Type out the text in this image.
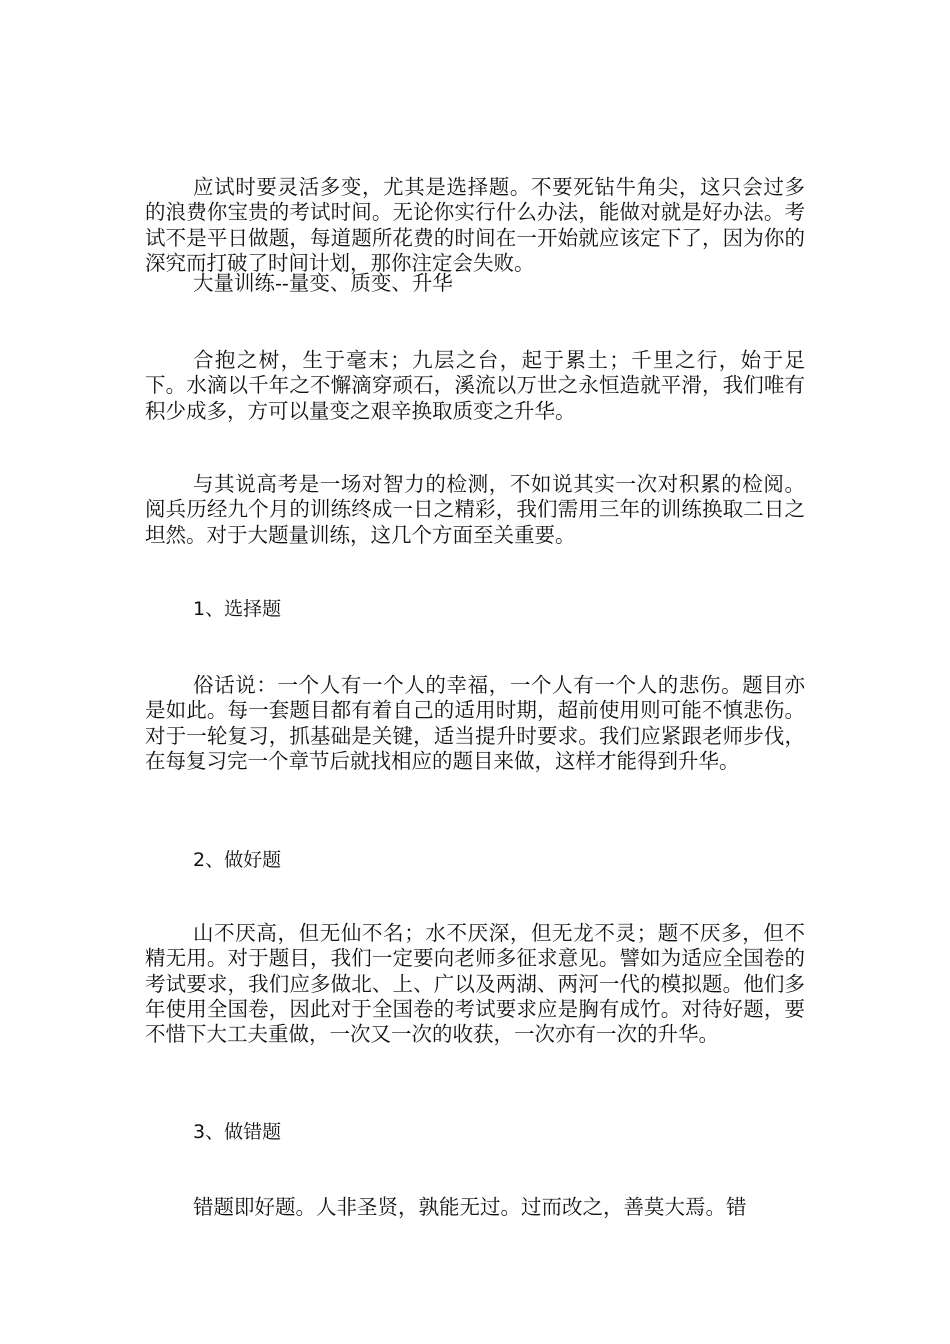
应试时要灵活多变，尤其是选择题。不要死钻牛角尖，这只会过多的浪费你宝贵的考试时间。无论你实行什么办法，能做对就是好办法。考试不是平日做题，每道题所花费的时间在一开始就应该定下了，因为你的深究而打破了时间计划，那你注定会失败。

大量训练--量变、质变、升华

合抱之树，生于毫末；九层之台，起于累土；千里之行，始于足下。水滴以千年之不懈滴穿顽石，溪流以万世之永恒造就平滑，我们唯有积少成多，方可以量变之艰辛换取质变之升华。

与其说高考是一场对智力的检测，不如说其实一次对积累的检阅。阅兵历经九个月的训练终成一日之精彩，我们需用三年的训练换取二日之坦然。对于大题量训练，这几个方面至关重要。

1、选择题

俗话说：一个人有一个人的幸福，一个人有一个人的悲伤。题目亦是如此。每一套题目都有着自己的适用时期，超前使用则可能不慎悲伤。对于一轮复习，抓基础是关键，适当提升时要求。我们应紧跟老师步伐，在每复习完一个章节后就找相应的题目来做，这样才能得到升华。

2、做好题

山不厌高，但无仙不名；水不厌深，但无龙不灵；题不厌多，但不精无用。对于题目，我们一定要向老师多征求意见。譬如为适应全国卷的考试要求，我们应多做北、上、广以及两湖、两河一代的模拟题。他们多年使用全国卷，因此对于全国卷的考试要求应是胸有成竹。对待好题，要不惜下大工夫重做，一次又一次的收获，一次亦有一次的升华。

3、做错题

错题即好题。人非圣贤，孰能无过。过而改之，善莫大焉。错
